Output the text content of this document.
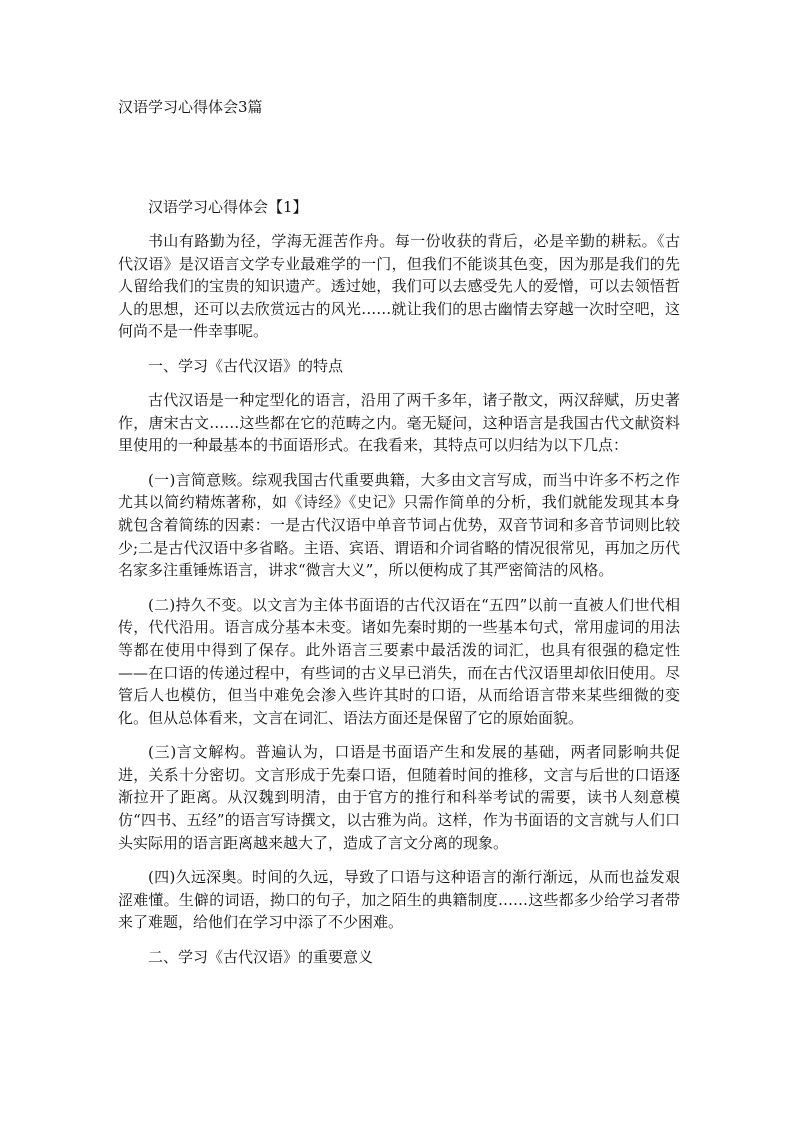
汉语学习心得体会3篇
汉语学习心得体会【1】

书山有路勤为径，学海无涯苦作舟。每一份收获的背后，必是辛勤的耕耘。《古代汉语》是汉语言文学专业最难学的一门，但我们不能谈其色变，因为那是我们的先人留给我们的宝贵的知识遗产。透过她，我们可以去感受先人的爱憎，可以去领悟哲人的思想，还可以去欣赏远古的风光……就让我们的思古幽情去穿越一次时空吧，这何尚不是一件幸事呢。

一、学习《古代汉语》的特点

古代汉语是一种定型化的语言，沿用了两千多年，诸子散文，两汉辞赋，历史著作，唐宋古文……这些都在它的范畴之内。毫无疑问，这种语言是我国古代文献资料里使用的一种最基本的书面语形式。在我看来，其特点可以归结为以下几点：

(一)言简意赅。综观我国古代重要典籍，大多由文言写成，而当中许多不朽之作尤其以简约精炼著称，如《诗经》《史记》只需作简单的分析，我们就能发现其本身就包含着简练的因素：一是古代汉语中单音节词占优势，双音节词和多音节词则比较少;二是古代汉语中多省略。主语、宾语、谓语和介词省略的情况很常见，再加之历代名家多注重锤炼语言，讲求“微言大义”，所以便构成了其严密简洁的风格。

(二)持久不变。以文言为主体书面语的古代汉语在“五四”以前一直被人们世代相传，代代沿用。语言成分基本未变。诸如先秦时期的一些基本句式，常用虚词的用法等都在使用中得到了保存。此外语言三要素中最活泼的词汇，也具有很强的稳定性——在口语的传递过程中，有些词的古义早已消失，而在古代汉语里却依旧使用。尽管后人也模仿，但当中难免会渗入些许其时的口语，从而给语言带来某些细微的变化。但从总体看来，文言在词汇、语法方面还是保留了它的原始面貌。

(三)言文解构。普遍认为，口语是书面语产生和发展的基础，两者同影响共促进，关系十分密切。文言形成于先秦口语，但随着时间的推移，文言与后世的口语逐渐拉开了距离。从汉魏到明清，由于官方的推行和科举考试的需要，读书人刻意模仿“四书、五经”的语言写诗撰文，以古雅为尚。这样，作为书面语的文言就与人们口头实际用的语言距离越来越大了，造成了言文分离的现象。

(四)久远深奥。时间的久远，导致了口语与这种语言的渐行渐远，从而也益发艰涩难懂。生僻的词语，拗口的句子，加之陌生的典籍制度……这些都多少给学习者带来了难题，给他们在学习中添了不少困难。

二、学习《古代汉语》的重要意义
